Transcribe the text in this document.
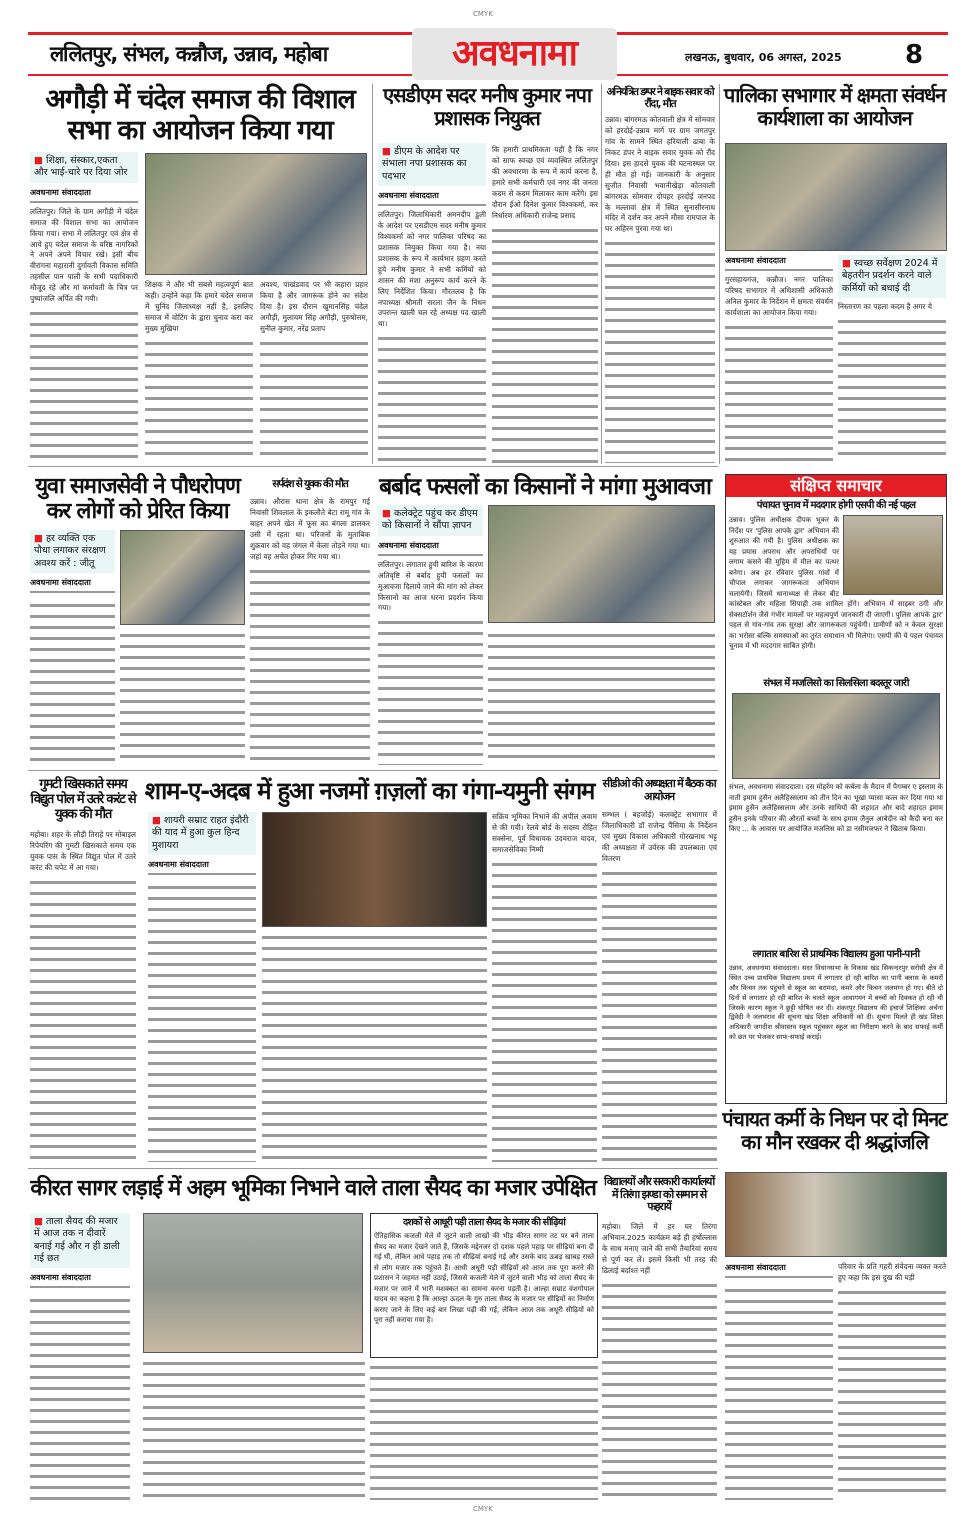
CMYK
CMYK
ललितपुर, संभल, कन्नौज, उन्नाव, महोबा	अवधनामा	लखनऊ, बुधवार, 06 अगस्त, 2025 8
अगौड़ी में चंदेल समाज की विशाल सभा का आयोजन किया गया
■ शिक्षा, संस्कार,एकता और भाई-चारे पर दिया जोर
अवधनामा संवाददाता
ललितपुर। जिले के ग्राम अगौड़ी में चंदेल समाज की विशाल सभा का आयोजन किया गया। सभा में ललितपुर एवं क्षेत्र से आये हुए चंदेल समाज के वरिष्ठ नागरिकों ने अपने अपने विचार रखे। इसी बीच वीरांगना महारानी दुर्गावती विकास समिति तहसील पान पाली के सभी पदाधिकारी मौजूद रहे और मां कर्मावती के चित्र पर पुष्पांजलि अर्पित की गयी।
शिक्षक ने और भी सबसे महत्वपूर्ण बात कही। उन्होंने कहा कि हमारे चंदेल समाज में चुनिंद जिलाध्यक्ष नहीं है, इसलिए समाज में वोटिंग के द्वारा चुनाव करा कर मुख्य मुखिया
अवश्य, पाखंडवाद पर भी कहारा प्रहार किया है और जागरूक होने का संदेश दिया है। इस दौरान खुमानसिंह चंदेल अगौड़ी, मुलायम सिंह अगौड़ी, पुरुषोत्तम, सुनील कुमार, नरेंद्र प्रताप
एसडीएम सदर मनीष कुमार नपा प्रशासक नियुक्त
■ डीएम के आदेश पर संभाला नपा प्रशासक का पदभार
अवधनामा संवाददाता
ललितपुर। जिलाधिकारी अमनदीप डुली के आदेश पर एसडीएम सदर मनीष कुमार विश्वकर्मा को नगर पालिका परिषद का प्रशासक नियुक्त किया गया है। नया प्रशासक के रूप में कार्यभार ग्रहण करते हुये मनीष कुमार ने सभी कर्मियों को शासन की मंशा अनुरूप कार्य करने के लिए निर्देशित किया। गौरतलब है कि नपाध्यक्ष श्रीमती सरला जैन के निधन उपरान्त खाली चल रहे अध्यक्ष पद खाली था।
कि हमारी प्राथमिकता यही है कि नगर को साफ स्वच्छ एवं व्यवस्थित ललितपुर की अवधारणा के रूप में कार्य करना है, हमारे सभी कर्मचारी एवं नगर की जनता कदम से कदम मिलाकर काम करेंगे। इस दौरान ईओ दिनेश कुमार विश्वकर्मा, कर निर्धारण अधिकारी राजेन्द्र प्रसाद
अनियंत्रित डम्पर ने बाइक सवार को रौंदा, मौत
उन्नाव। बांगरमऊ कोतवाली क्षेत्र में सोमवार को हरदोई-उन्नाव मार्ग पर ग्राम जगतपुर गांव के सामने स्थित हरियाली ढाबा के निकट डंपर ने बाइक सवार युवक को रौंद दिया। इस हादसे युवक की घटनास्थल पर ही मौत हो गई। जानकारी के अनुसार सुजीत निवासी भवानीखेड़ा कोतवाली बांगरमऊ सोमवार दोपहर हरदोई जनपद के मल्लावां क्षेत्र में स्थित सुनासीरनाथ मंदिर में दर्शन कर अपने मौसा रामपाल के घर अहिरन पुरवा गया था।
पालिका सभागार में क्षमता संवर्धन कार्यशाला का आयोजन
अवधनामा संवाददाता
गुरसहायगंज, कन्नौज। नगर पालिका परिषद सभागार में अधिशासी अधिकारी अनिल कुमार के निर्देशन में क्षमता संवर्धन कार्यशाला का आयोजन किया गया।
■ स्वच्छ सर्वेक्षण 2024 में बेहतरीन प्रदर्शन करने वाले कर्मियों को बधाई दी
निस्तारण का पहला कदम है अगर ये
युवा समाजसेवी ने पौधरोपण कर लोगों को प्रेरित किया
■ हर व्यक्ति एक पौधा लगाकर संरक्षण अवश्य करें : जीतू
अवधनामा संवाददाता
सर्पदंश से युवक की मौत
उन्नाव। औरास थाना क्षेत्र के रामपुर गई निवासी शिवलाल के इकलौते बेटा रामू गांव के बाहर अपने खेत में फूस का बंगला डालकर उसी में रहता था। परिजनों के मुताबिक शुक्रवार को वह जंगल में केला तोड़ने गया था। जहां वह अचेत होकर गिर गया था।
बर्बाद फसलों का किसानों ने मांगा मुआवजा
■ कलेक्ट्रेट पहुंच कर डीएम को किसानों ने सौंपा ज्ञापन
अवधनामा संवाददाता
ललितपुर। लगातार हुयी बारिश के कारण अतिवृष्टि से बर्बाद हुयी फसलों का मुआवजा दिलाये जाने की मांग को लेकर किसानों का आज धरना प्रदर्शन किया गया।
संक्षिप्त समाचार
पंचायत चुनाव में मददगार होगी एसपी की नई पहल
उन्नाव। पुलिस अधीक्षक दीपक भूकर के निर्देश पर 'पुलिस आपके द्वार' अभियान की शुरुआत की गयी है। पुलिस अधीक्षक का यह प्रयास अपराध और अपराधियों पर लगाम कसने की मुहिम में मील का पत्थर बनेगा। अब हर रविवार पुलिस गांवों में चौपाल लगाकर जागरूकता अभियान चलायेगी। जिसमें थानाध्यक्ष से लेकर बीट कांस्टेबल और महिला सिपाही तक शामिल होंगे। अभियान में साइबर ठगी और सेक्सटॉर्शन जैसे गंभीर मामलों पर महत्वपूर्ण जानकारी दी जाएगी। पुलिस आपके द्वार' पहल से गांव-गांव तक सुरक्षा और जागरूकता पहुंचेगी। ग्रामीणों को न केवल सुरक्षा का भरोसा बल्कि समस्याओं का तुरंत समाधान भी मिलेगा। एसपी की ये पहल पंचायत चुनाव में भी मददगार साबित होगी।
संभल में मजलिसो का सिलसिला बदस्तूर जारी
संभल, अवधनामा संवाददाता। दस मोहर्रम को कर्बला के मैदान में पैगम्बर ए इस्लाम के नाती इमाम हुसैन अलैहिस्सलाम को तीन दिन का भूखा प्यासा कत्ल कर दिया गया था इमाम हुसैन अलैहिस्सलाम और उनके साथियों की शहादत और बादे शहादत इमाम हुसैन इनके परिवार की औरतों बच्चों के साथ इमाम जैनुल आबेदीन को कैदी बना कर किए ... के आवास पर आयोजित मजलिस को डा नसीमजफर ने खिताब किया।
लगातार बारिश से प्राथमिक विद्यालय हुआ पानी-पानी
उन्नाव, अवधनामा संवाददाता। सदर विधानसभा के विकास खंड सिकन्दरपुर सरोसी क्षेत्र में स्थित उच्च प्राथमिक विद्यालय प्रथम में लगातार हो रही बारिश का पानी क्लास के कमरों और किचन तक पहुंचने से स्कूल का बरामदा, कमरे और किचन जलमग्न हो गए। बीते दो दिनों से लगातार हो रही बारिश के चलते स्कूल आवागमन में बच्चों को दिक्कत हो रही थी जिसके कारण स्कूल ने छुट्टी घोषित कर दी। शंकरपुर विद्यालय की इंचार्ज शिक्षिका अर्चना द्विवेदी ने जलभराव की सूचना खंड शिक्षा अधिकारी को दी। सूचना मिलते ही खंड शिक्षा अधिकारी जगदीश श्रीवास्तव स्कूल पहुंचकर स्कूल का निरीक्षण करने के बाद सफाई कर्मी को छत पर भेजकर साफ-सफाई कराई।
गुमटी खिसकाते समय विद्युत पोल में उतरे करंट से युवक की मौत
महोबा। शहर के लौड़ी तिराहे पर मोबाइल रिपेयरिंग की गुमटी खिसकाते समय एक युवक पास के स्थित विद्युत पोल में उतरे करंट की चपेट में आ गया।
शाम-ए-अदब में हुआ नजमों ग़ज़लों का गंगा-यमुनी संगम
■ शायरी सम्राट राहत इंदौरी की याद में हुआ कुल हिन्द मुशायरा
अवधनामा संवाददाता
सक्रिय भूमिका निभाने की अपील अवाम से की गयी। रेलवे बोर्ड के सदस्य रोहित सक्सेना, पूर्व विधायक उदयराज यादव, समाजसेविका निम्मी
सीडीओ की अध्यक्षता में बैठक का आयोजन
सम्भल ( बहजोई) कलक्ट्रेट सभागार में जिलाधिकारी डॉ राजेन्द्र पैंसिया के निर्देशन एवं मुख्य विकास अधिकारी गोरखनाथ भट्ट की अध्यक्षता में उर्वरक की उपलब्धता एवं वितरण
पंचायत कर्मी के निधन पर दो मिनट का मौन रखकर दी श्रद्धांजलि
कीरत सागर लड़ाई में अहम भूमिका निभाने वाले ताला सैयद का मजार उपेक्षित
■ ताला सैयद की मजार में आज तक न दीवारें बनाई गई और न ही डाली गई छत
अवधनामा संवाददाता
दशकों से आधूरी पड़ी ताला सैयद के मजार की सीढ़ियां
ऐतिहासिक कजली मेले में जुटने वाली लाखों की भीड़ कीरत सागर तट पर बने ताला सैयद का मजार देखने जाते हैं, जिसके मद्देनजर दो दशक पहले पहाड़ पर सीढ़ियां बना दी गई थी, लेकिन आधे पहाड़ तक तो सीढ़ियां बनाई गई और उसके बाद ऊबड़ खाबड़ रास्ते से लोग मजार तक पहुंचते हैं। आधी अधूरी पड़ी सीढ़ियों को आज तक पूरा करने की प्रशासन ने जहमत नहीं उठाई, जिससे कजली मेले में जुटने वाली भीड़ को ताला सैयद के मजार पर जाने में भारी मशक्कत का सामना करना पड़ती है। आल्हा सम्राट वंशगोपाल यादव का कहना है कि आल्हा ऊदल के गुरु ताला सैयद के मजार पर सीढ़ियों का निर्माण कराए जाने के लिए कई बार लिखा पढ़ी की गई, लेकिन आज तक अधूरी सीढ़ियों को पूरा नहीं कराया गया है।
विद्यालयों और सरकारी कार्यालयों में तिरंगा झण्डा को सम्मान से फहरायें
महोबा। जिले में हर घर तिरंगा अभियान.2025 कार्यक्रम बड़े ही हर्षोल्लास के साथ मनाए जाने की सभी तैयारियां समय से पूर्ण कर लें। इसमें किसी भी तरह की ढिलाई बर्दाश्त नहीं	अवधनामा संवाददाता	परिवार के प्रति गहरी संवेदना व्यक्त करते हुए कहा कि इस दुख की घड़ी
